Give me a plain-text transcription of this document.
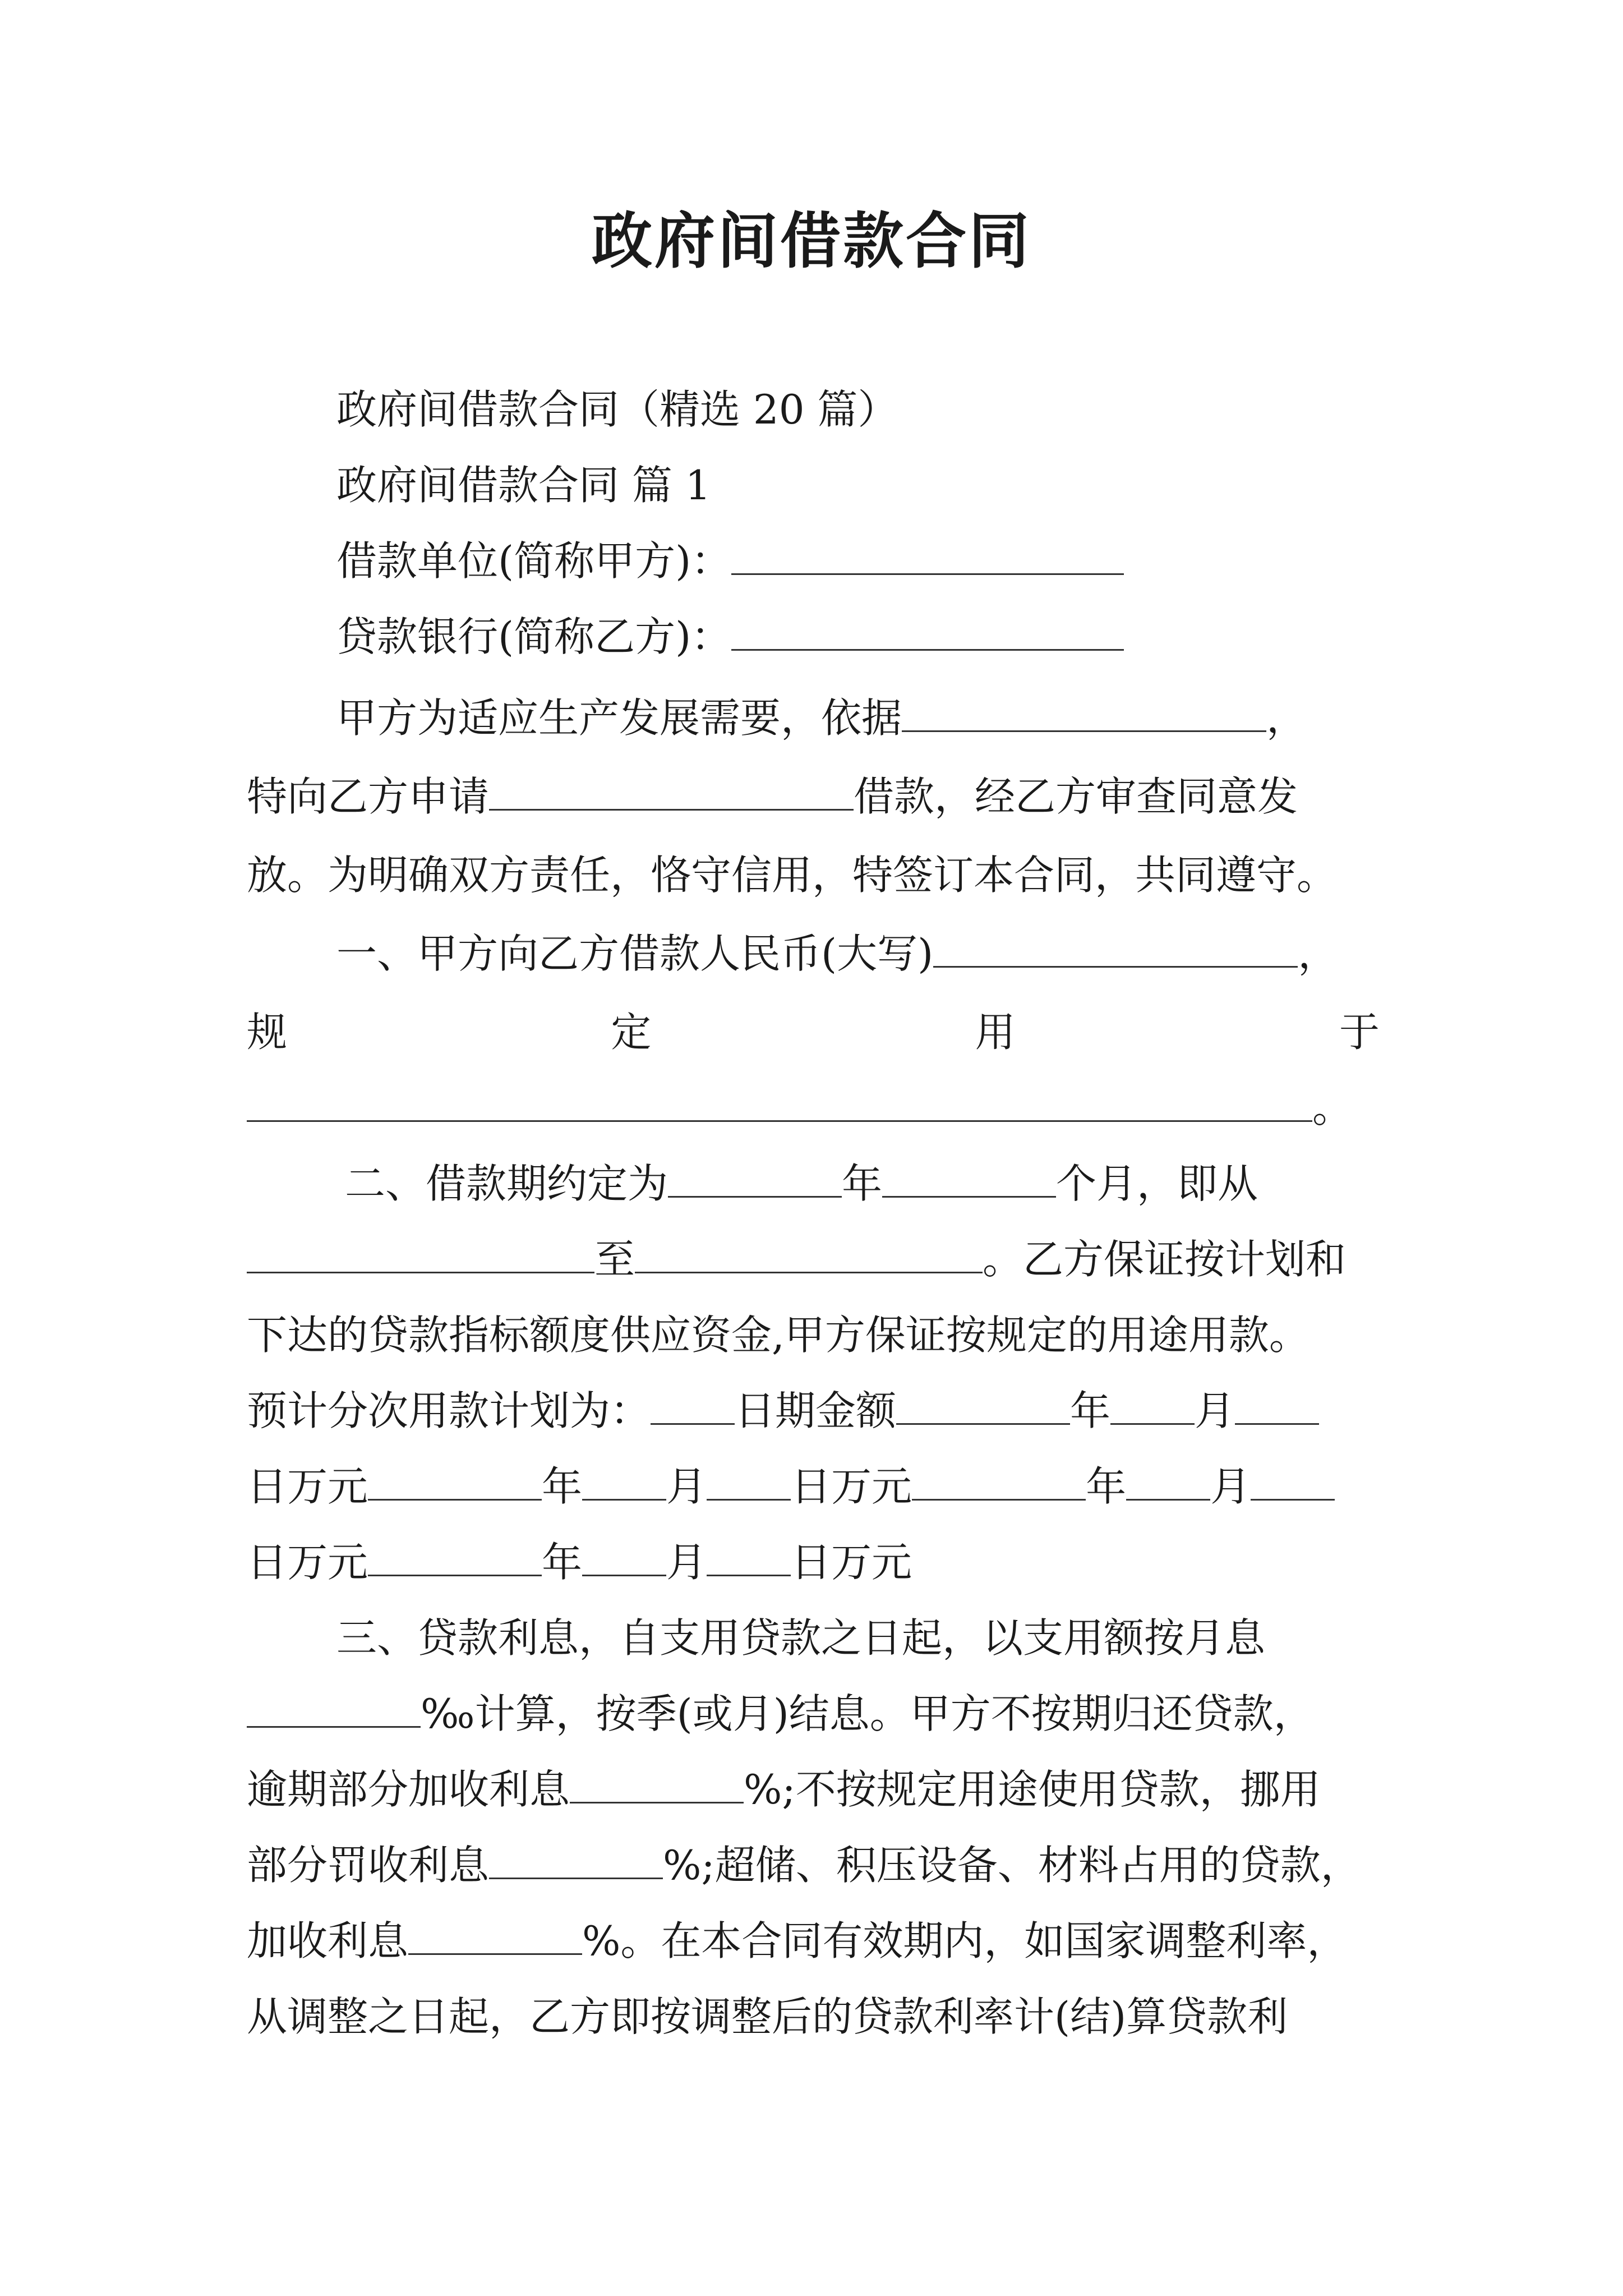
政府间借款合同
政府间借款合同（精选 20 篇）
政府间借款合同 篇 1
借款单位(简称甲方)：
贷款银行(简称乙方)：
甲方为适应生产发展需要，依据	，
特向乙方申请	借款，经乙方审查同意发
放。为明确双方责任，恪守信用，特签订本合同，共同遵守。
一、甲方向乙方借款人民币(大写)	，
规	定	用	于
。
二、借款期约定为	年	个月，即从
至	。乙方保证按计划和
下达的贷款指标额度供应资金,甲方保证按规定的用途用款。
预计分次用款计划为： 日期金额	年 月
日万元	年 月 日万元	年 月
日万元	年 月 日万元
三、贷款利息，自支用贷款之日起，以支用额按月息
‰计算，按季(或月)结息。甲方不按期归还贷款，
逾期部分加收利息	%;不按规定用途使用贷款，挪用
部分罚收利息	%;超储、积压设备、材料占用的贷款，
加收利息	%。在本合同有效期内，如国家调整利率，
从调整之日起，乙方即按调整后的贷款利率计(结)算贷款利
